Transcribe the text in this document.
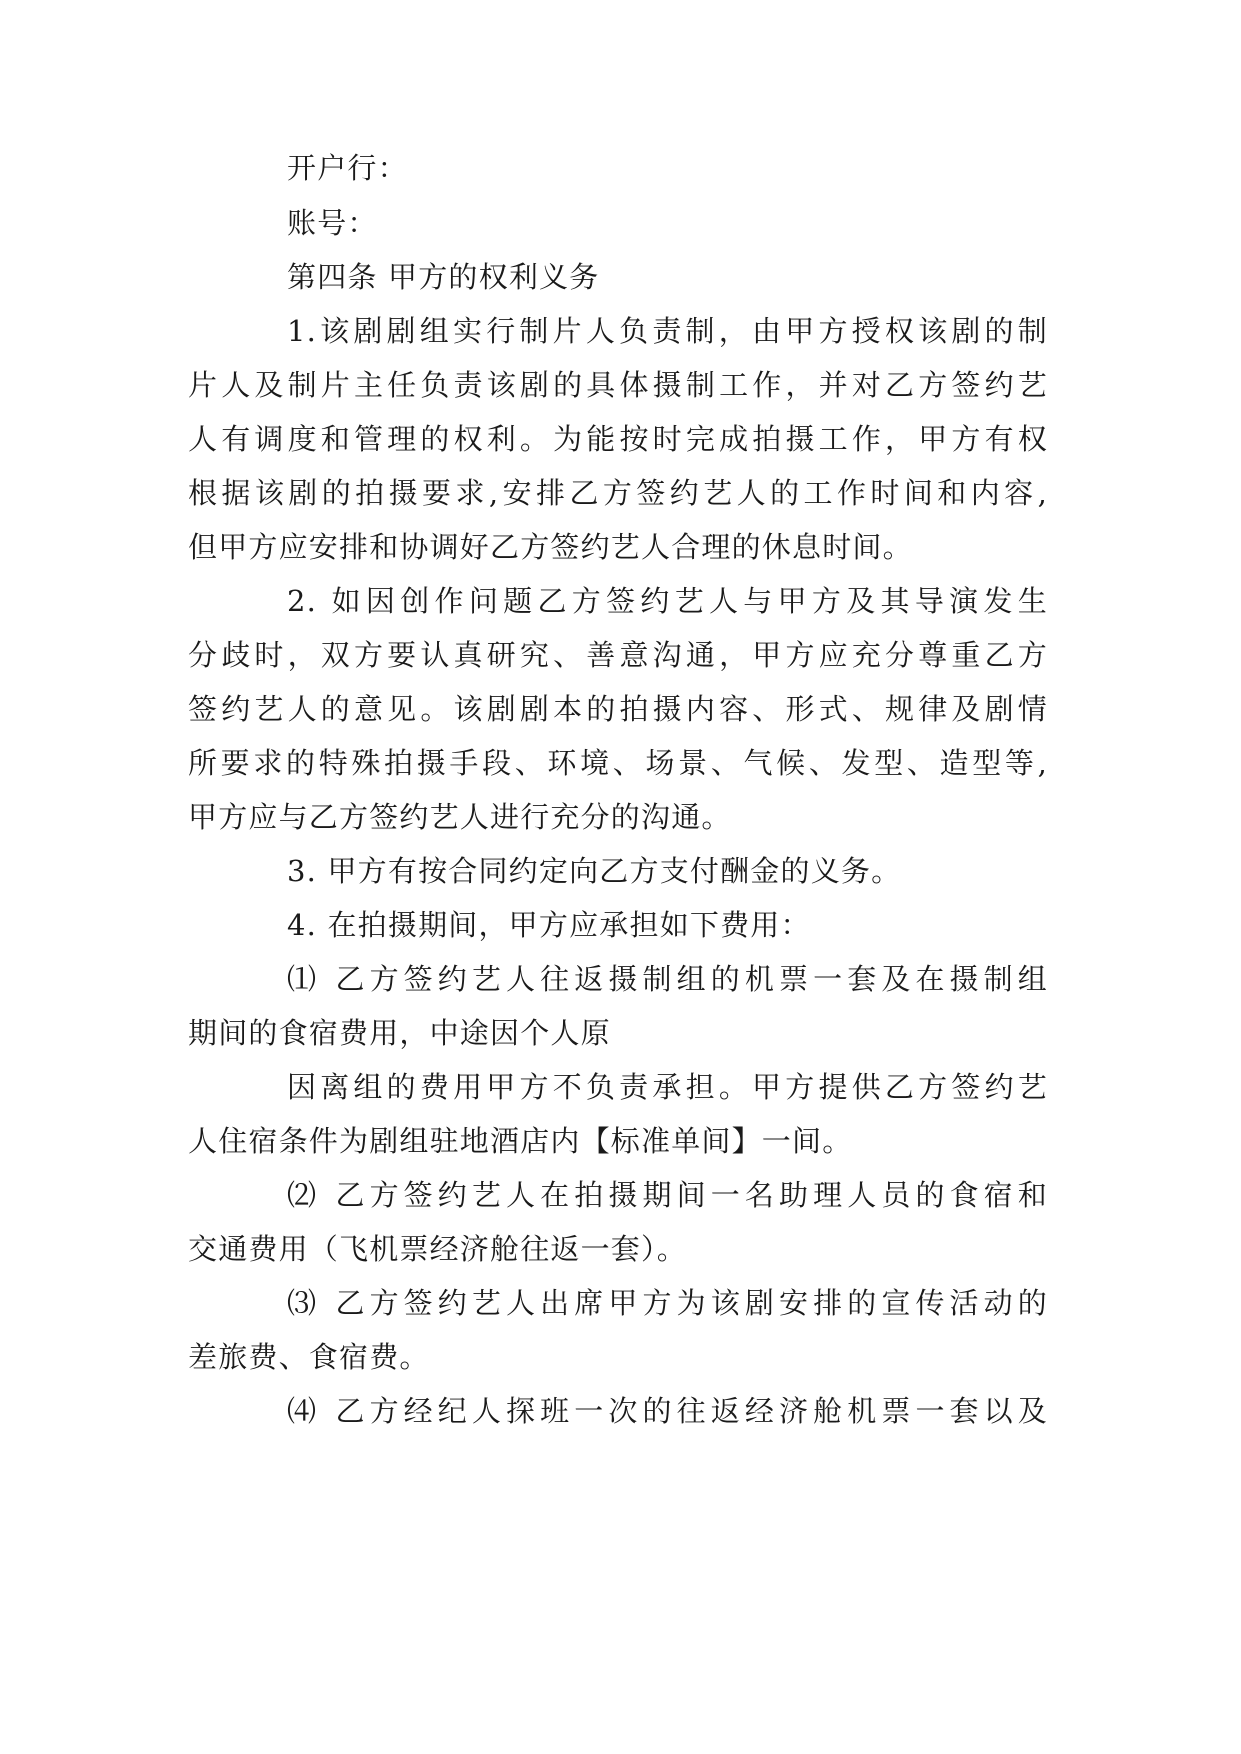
开户行：
账号：
第四条 甲方的权利义务
1.该剧剧组实行制片人负责制，由甲方授权该剧的制
片人及制片主任负责该剧的具体摄制工作，并对乙方签约艺
人有调度和管理的权利。为能按时完成拍摄工作，甲方有权
根据该剧的拍摄要求,安排乙方签约艺人的工作时间和内容,
但甲方应安排和协调好乙方签约艺人合理的休息时间。
2. 如因创作问题乙方签约艺人与甲方及其导演发生
分歧时，双方要认真研究、善意沟通，甲方应充分尊重乙方
签约艺人的意见。该剧剧本的拍摄内容、形式、规律及剧情
所要求的特殊拍摄手段、环境、场景、气候、发型、造型等,
甲方应与乙方签约艺人进行充分的沟通。
3. 甲方有按合同约定向乙方支付酬金的义务。
4. 在拍摄期间，甲方应承担如下费用：
⑴ 乙方签约艺人往返摄制组的机票一套及在摄制组
期间的食宿费用，中途因个人原
因离组的费用甲方不负责承担。甲方提供乙方签约艺
人住宿条件为剧组驻地酒店内【标准单间】一间。
⑵ 乙方签约艺人在拍摄期间一名助理人员的食宿和
交通费用（飞机票经济舱往返一套）。
⑶ 乙方签约艺人出席甲方为该剧安排的宣传活动的
差旅费、食宿费。
⑷ 乙方经纪人探班一次的往返经济舱机票一套以及
